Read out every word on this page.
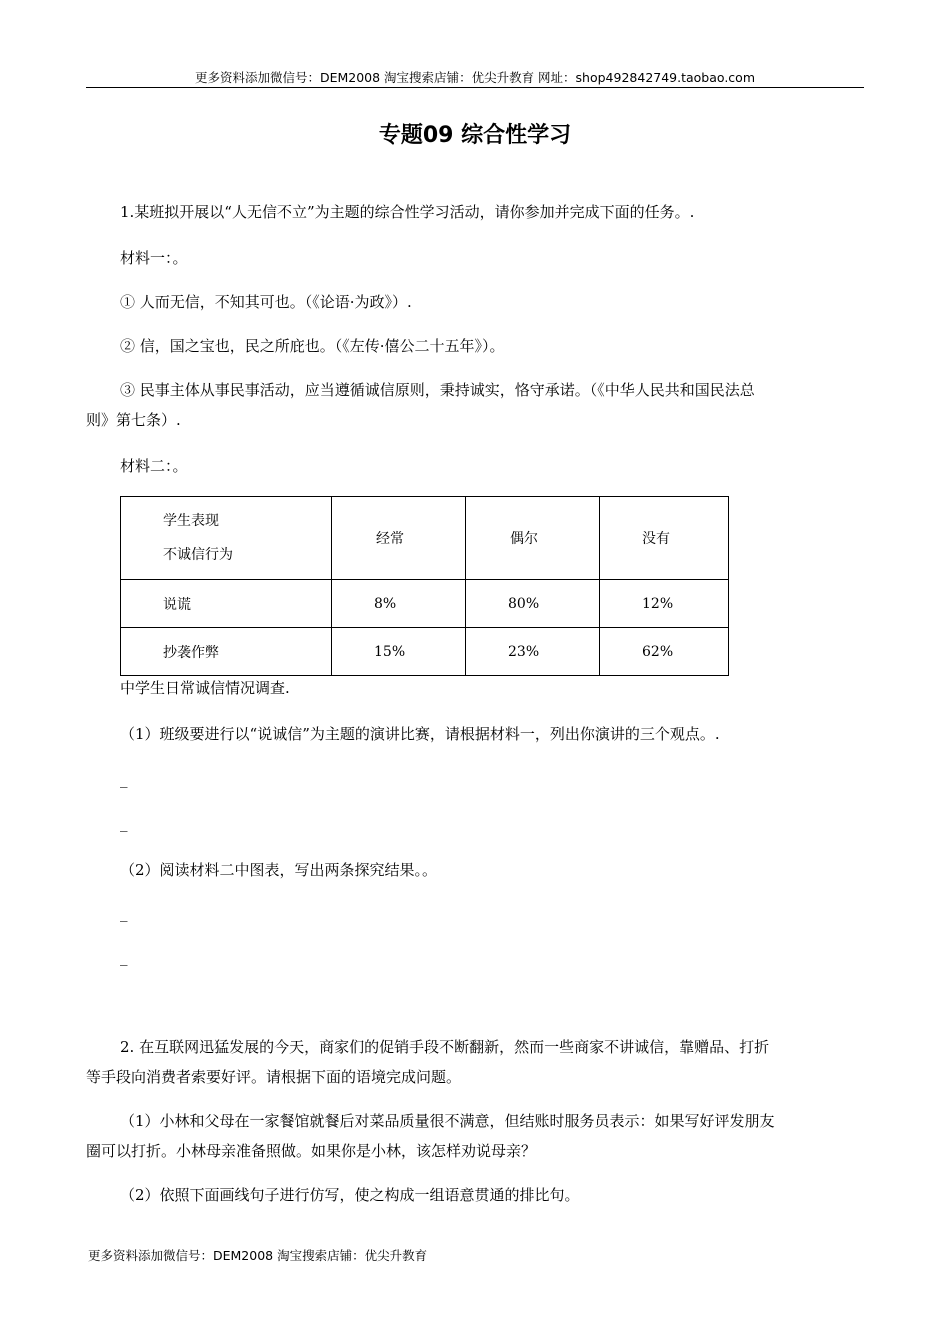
更多资料添加微信号：DEM2008 淘宝搜索店铺：优尖升教育 网址：shop492842749.taobao.com
专题09 综合性学习
1.某班拟开展以“人无信不立”为主题的综合性学习活动，请你参加并完成下面的任务。.
材料一：。
① 人而无信，不知其可也。（《论语·为政》）.
② 信，国之宝也，民之所庇也。（《左传·僖公二十五年》）。
③ 民事主体从事民事活动，应当遵循诚信原则，秉持诚实，恪守承诺。（《中华人民共和国民法总
则》第七条）.
材料二：。
学生表现
不诚信行为	经常	偶尔	没有
说谎	8%	80%	12%
抄袭作弊	15%	23%	62%
中学生日常诚信情况调查.
（1）班级要进行以“说诚信”为主题的演讲比赛，请根据材料一，列出你演讲的三个观点。.
_
_
（2）阅读材料二中图表，写出两条探究结果。。
_
_
2. 在互联网迅猛发展的今天，商家们的促销手段不断翻新，然而一些商家不讲诚信，靠赠品、打折
等手段向消费者索要好评。请根据下面的语境完成问题。
（1）小林和父母在一家餐馆就餐后对菜品质量很不满意，但结账时服务员表示：如果写好评发朋友
圈可以打折。小林母亲准备照做。如果你是小林，该怎样劝说母亲？
（2）依照下面画线句子进行仿写，使之构成一组语意贯通的排比句。
更多资料添加微信号：DEM2008 淘宝搜索店铺：优尖升教育
